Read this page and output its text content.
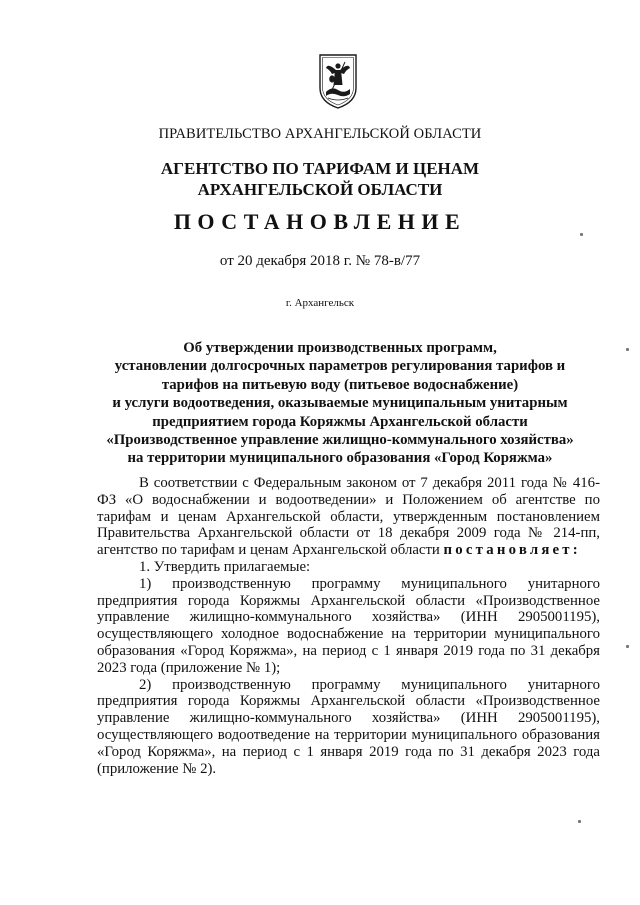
ПРАВИТЕЛЬСТВО АРХАНГЕЛЬСКОЙ ОБЛАСТИ
АГЕНТСТВО ПО ТАРИФАМ И ЦЕНАМ
АРХАНГЕЛЬСКОЙ ОБЛАСТИ
ПОСТАНОВЛЕНИЕ
от 20 декабря 2018 г. № 78-в/77
г. Архангельск
Об утверждении производственных программ,
установлении долгосрочных параметров регулирования тарифов и
тарифов на питьевую воду (питьевое водоснабжение)
и услуги водоотведения, оказываемые муниципальным унитарным
предприятием города Коряжмы Архангельской области
«Производственное управление жилищно-коммунального хозяйства»
на территории муниципального образования «Город Коряжма»

В соответствии с Федеральным законом от 7 декабря 2011 года № 416-ФЗ «О водоснабжении и водоотведении» и Положением об агентстве по тарифам и ценам Архангельской области, утвержденным постановлением Правительства Архангельской области от 18 декабря 2009 года № 214-пп, агентство по тарифам и ценам Архангельской области постановляет:

1. Утвердить прилагаемые:

1) производственную программу муниципального унитарного предприятия города Коряжмы Архангельской области «Производственное управление жилищно-коммунального хозяйства» (ИНН 2905001195), осуществляющего холодное водоснабжение на территории муниципального образования «Город Коряжма», на период с 1 января 2019 года по 31 декабря 2023 года (приложение № 1);

2) производственную программу муниципального унитарного предприятия города Коряжмы Архангельской области «Производственное управление жилищно-коммунального хозяйства» (ИНН 2905001195), осуществляющего водоотведение на территории муниципального образования «Город Коряжма», на период с 1 января 2019 года по 31 декабря 2023 года (приложение № 2).
